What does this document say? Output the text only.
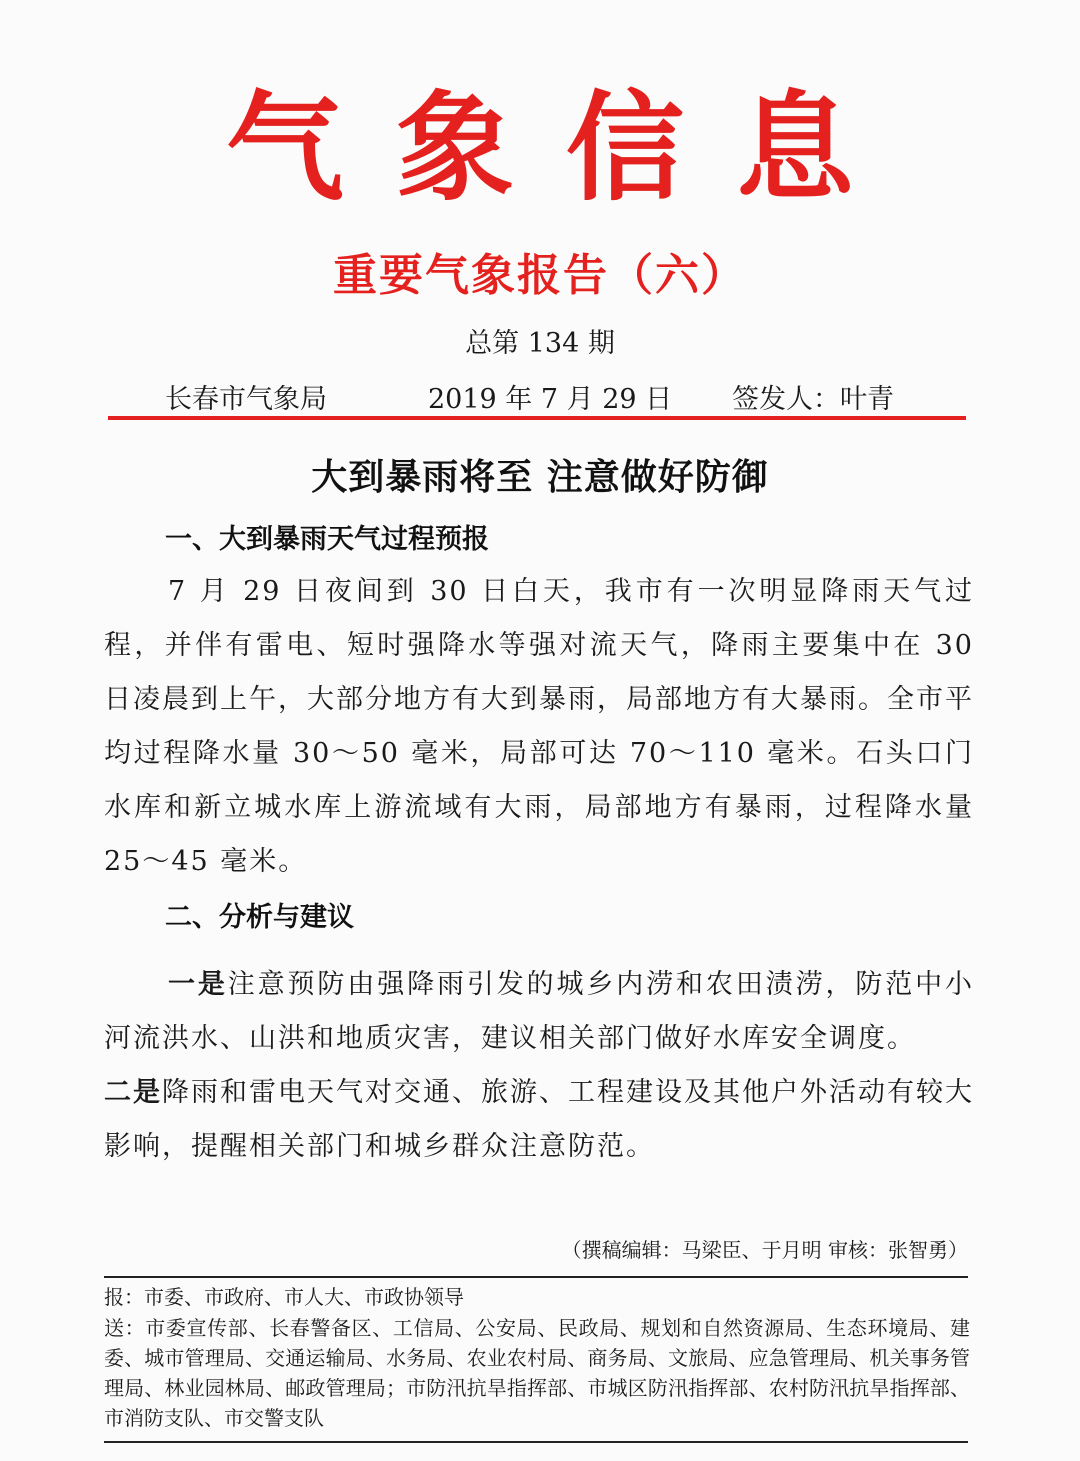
气象信息
重要气象报告（六）
总第 134 期
长春市气象局	2019 年 7 月 29 日 签发人：叶青
大到暴雨将至 注意做好防御
一、大到暴雨天气过程预报
7 月 29 日夜间到 30 日白天，我市有一次明显降雨天气过程，并伴有雷电、短时强降水等强对流天气，降雨主要集中在 30 日凌晨到上午，大部分地方有大到暴雨，局部地方有大暴雨。全市平均过程降水量 30～50 毫米，局部可达 70～110 毫米。石头口门水库和新立城水库上游流域有大雨，局部地方有暴雨，过程降水量 25～45 毫米。
二、分析与建议
一是注意预防由强降雨引发的城乡内涝和农田渍涝，防范中小河流洪水、山洪和地质灾害，建议相关部门做好水库安全调度。
二是降雨和雷电天气对交通、旅游、工程建设及其他户外活动有较大影响，提醒相关部门和城乡群众注意防范。
（撰稿编辑：马梁臣、于月明 审核：张智勇）
报：市委、市政府、市人大、市政协领导
送：市委宣传部、长春警备区、工信局、公安局、民政局、规划和自然资源局、生态环境局、建委、城市管理局、交通运输局、水务局、农业农村局、商务局、文旅局、应急管理局、机关事务管理局、林业园林局、邮政管理局；市防汛抗旱指挥部、市城区防汛指挥部、农村防汛抗旱指挥部、市消防支队、市交警支队
